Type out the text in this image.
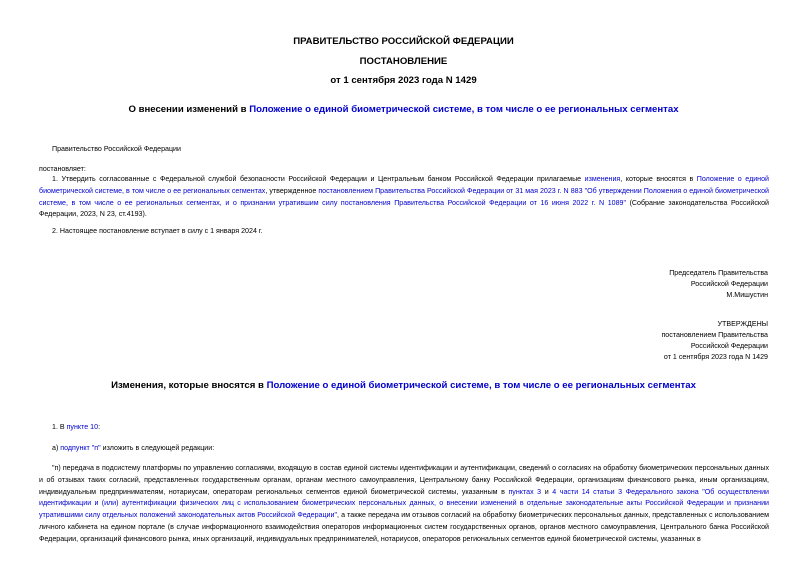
ПРАВИТЕЛЬСТВО РОССИЙСКОЙ ФЕДЕРАЦИИ
ПОСТАНОВЛЕНИЕ
от 1 сентября 2023 года N 1429
О внесении изменений в Положение о единой биометрической системе, в том числе о ее региональных сегментах
Правительство Российской Федерации
постановляет:
1. Утвердить согласованные с Федеральной службой безопасности Российской Федерации и Центральным банком Российской Федерации прилагаемые изменения, которые вносятся в Положение о единой биометрической системе, в том числе о ее региональных сегментах, утвержденное постановлением Правительства Российской Федерации от 31 мая 2023 г. N 883 "Об утверждении Положения о единой биометрической системе, в том числе о ее региональных сегментах, и о признании утратившим силу постановления Правительства Российской Федерации от 16 июня 2022 г. N 1089" (Собрание законодательства Российской Федерации, 2023, N 23, ст.4193).
2. Настоящее постановление вступает в силу с 1 января 2024 г.
Председатель Правительства
Российской Федерации
М.Мишустин
УТВЕРЖДЕНЫ
постановлением Правительства
Российской Федерации
от 1 сентября 2023 года N 1429
Изменения, которые вносятся в Положение о единой биометрической системе, в том числе о ее региональных сегментах
1. В пункте 10:
а) подпункт "п" изложить в следующей редакции:
"п) передача в подсистему платформы по управлению согласиями, входящую в состав единой системы идентификации и аутентификации, сведений о согласиях на обработку биометрических персональных данных и об отзывах таких согласий, представленных государственным органам, органам местного самоуправления, Центральному банку Российской Федерации, организациям финансового рынка, иным организациям, индивидуальным предпринимателям, нотариусам, операторам региональных сегментов единой биометрической системы, указанным в пунктах 3 и 4 части 14 статьи 3 Федерального закона "Об осуществлении идентификации и (или) аутентификации физических лиц с использованием биометрических персональных данных, о внесении изменений в отдельные законодательные акты Российской Федерации и признании утратившими силу отдельных положений законодательных актов Российской Федерации", а также передача им отзывов согласий на обработку биометрических персональных данных, представленных с использованием личного кабинета на едином портале (в случае информационного взаимодействия операторов информационных систем государственных органов, органов местного самоуправления, Центрального банка Российской Федерации, организаций финансового рынка, иных организаций, индивидуальных предпринимателей, нотариусов, операторов региональных сегментов единой биометрической системы, указанных в
